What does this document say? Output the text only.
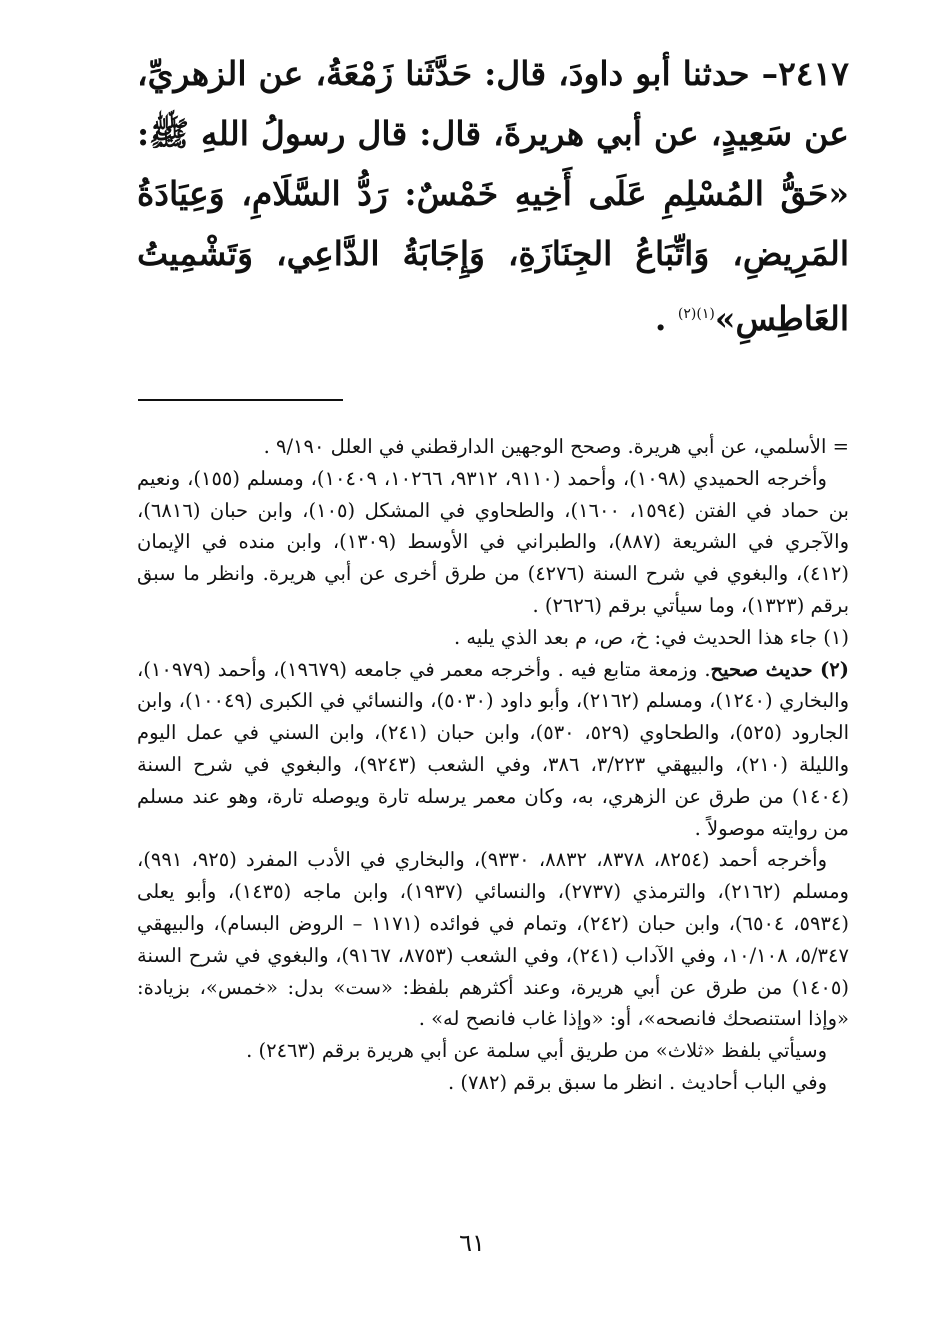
٢٤١٧– حدثنا أبو داودَ، قال: حَدَّثَنا زَمْعَةُ، عن الزهريِّ، عن سَعِيدٍ، عن أبي هريرةَ، قال: قال رسولُ اللهِ ﷺ: «حَقُّ المُسْلِمِ عَلَى أَخِيهِ خَمْسٌ: رَدُّ السَّلَامِ، وَعِيَادَةُ المَرِيضِ، وَاتِّبَاعُ الجِنَازَةِ، وَإِجَابَةُ الدَّاعِي، وَتَشْمِيتُ العَاطِسِ»$^{(١)(٢)}$ .

= الأسلمي، عن أبي هريرة. وصحح الوجهين الدارقطني في العلل ٩/١٩٠ .

وأخرجه الحميدي (١٠٩٨)، وأحمد (٩١١٠، ٩٣١٢، ١٠٢٦٦، ١٠٤٠٩)، ومسلم (١٥٥)، ونعيم بن حماد في الفتن (١٥٩٤، ١٦٠٠)، والطحاوي في المشكل (١٠٥)، وابن حبان (٦٨١٦)، والآجري في الشريعة (٨٨٧)، والطبراني في الأوسط (١٣٠٩)، وابن منده في الإيمان (٤١٢)، والبغوي في شرح السنة (٤٢٧٦) من طرق أخرى عن أبي هريرة. وانظر ما سبق برقم (١٣٢٣)، وما سيأتي برقم (٢٦٢٦) .

(١) جاء هذا الحديث في: خ، ص، م بعد الذي يليه .

(٢) حديث صحيح. وزمعة متابع فيه . وأخرجه معمر في جامعه (١٩٦٧٩)، وأحمد (١٠٩٧٩)، والبخاري (١٢٤٠)، ومسلم (٢١٦٢)، وأبو داود (٥٠٣٠)، والنسائي في الكبرى (١٠٠٤٩)، وابن الجارود (٥٢٥)، والطحاوي (٥٢٩، ٥٣٠)، وابن حبان (٢٤١)، وابن السني في عمل اليوم والليلة (٢١٠)، والبيهقي ٣/٢٢٣، ٣٨٦، وفي الشعب (٩٢٤٣)، والبغوي في شرح السنة (١٤٠٤) من طرق عن الزهري، به، وكان معمر يرسله تارة ويوصله تارة، وهو عند مسلم من روايته موصولاً .

وأخرجه أحمد (٨٢٥٤، ٨٣٧٨، ٨٨٣٢، ٩٣٣٠)، والبخاري في الأدب المفرد (٩٢٥، ٩٩١)، ومسلم (٢١٦٢)، والترمذي (٢٧٣٧)، والنسائي (١٩٣٧)، وابن ماجه (١٤٣٥)، وأبو يعلى (٥٩٣٤، ٦٥٠٤)، وابن حبان (٢٤٢)، وتمام في فوائده (١١٧١ – الروض البسام)، والبيهقي ٥/٣٤٧، ١٠/١٠٨، وفي الآداب (٢٤١)، وفي الشعب (٨٧٥٣، ٩١٦٧)، والبغوي في شرح السنة (١٤٠٥) من طرق عن أبي هريرة، وعند أكثرهم بلفظ: «ست» بدل: «خمس»، بزيادة: «وإذا استنصحك فانصحه»، أو: «وإذا غاب فانصح له» .

وسيأتي بلفظ «ثلاث» من طريق أبي سلمة عن أبي هريرة برقم (٢٤٦٣) .

وفي الباب أحاديث . انظر ما سبق برقم (٧٨٢) .

٦١
